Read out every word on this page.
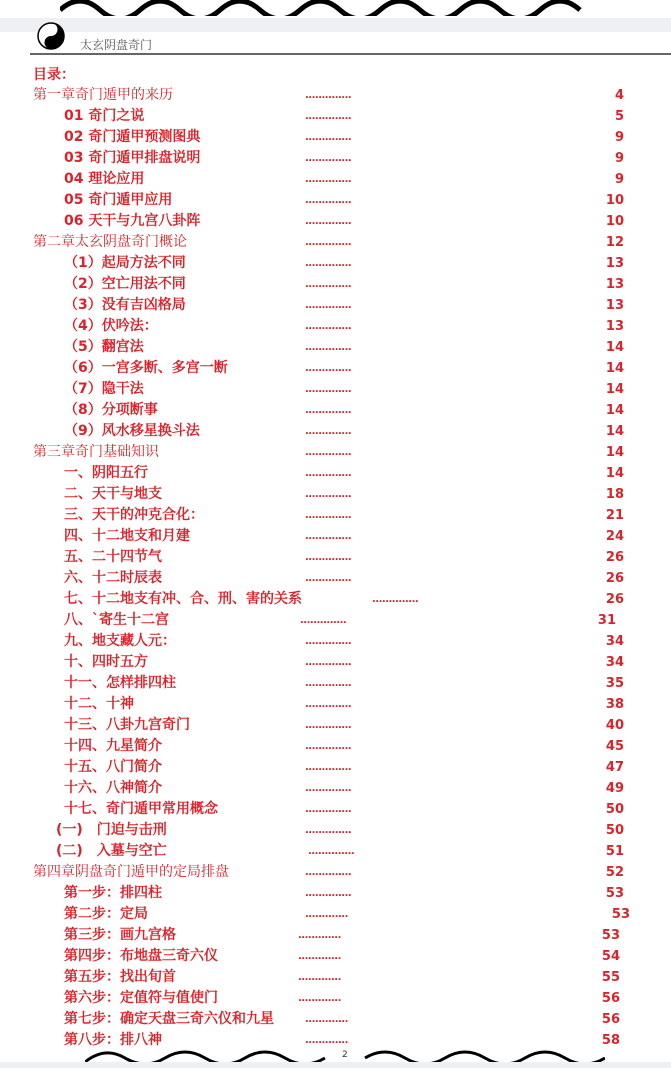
太玄阴盘奇门
目录：
第一章奇门遁甲的来历	..............	4
01 奇门之说	..............	5
02 奇门遁甲预测图典	..............	9
03 奇门遁甲排盘说明	..............	9
04 理论应用	..............	9
05 奇门遁甲应用	..............	10
06 天干与九宫八卦阵	..............	10
第二章太玄阴盘奇门概论	..............	12
（1）起局方法不同	..............	13
（2）空亡用法不同	..............	13
（3）没有吉凶格局	..............	13
（4）伏吟法：	..............	13
（5）翻宫法	..............	14
（6）一宫多断、多宫一断	..............	14
（7）隐干法	..............	14
（8）分项断事	..............	14
（9）风水移星换斗法	..............	14
第三章奇门基础知识	..............	14
一、阴阳五行	..............	14
二、天干与地支	..............	18
三、天干的冲克合化：	..............	21
四、十二地支和月建	..............	24
五、二十四节气	..............	26
六、十二时辰表	..............	26
七、十二地支有冲、合、刑、害的关系	..............	26
八、`寄生十二宫	..............	31
九、地支藏人元：	..............	34
十、四时五方	..............	34
十一、怎样排四柱	..............	35
十二、十神	..............	38
十三、八卦九宫奇门	..............	40
十四、九星简介	..............	45
十五、八门简介	..............	47
十六、八神简介	..............	49
十七、奇门遁甲常用概念	..............	50
(一)　门迫与击刑	..............	50
(二)　入墓与空亡	..............	51
第四章阴盘奇门遁甲的定局排盘	..............	52
第一步：排四柱	..............	53
第二步：定局	.............	53
第三步：画九宫格	.............	53
第四步：布地盘三奇六仪	.............	54
第五步：找出旬首	.............	55
第六步：定值符与值使门	.............	56
第七步：确定天盘三奇六仪和九星	.............	56
第八步：排八神	.............	58
2
